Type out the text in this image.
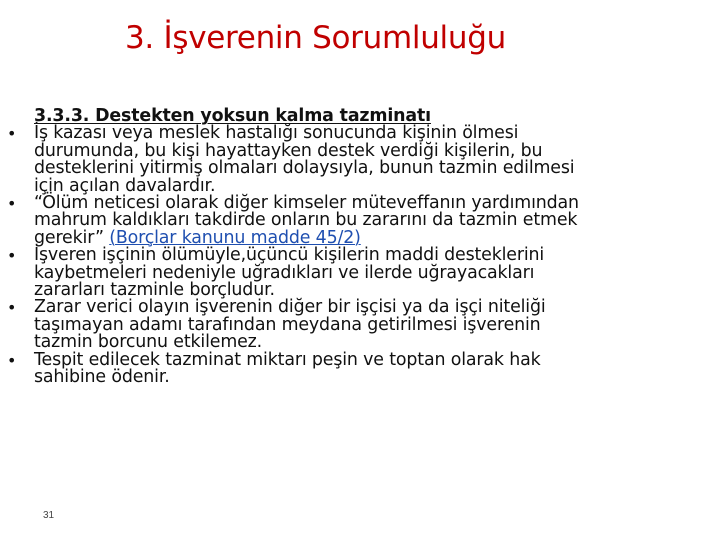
3. İşverenin Sorumluluğu
3.3.3. Destekten yoksun kalma tazminatı
• İş kazası veya meslek hastalığı sonucunda kişinin ölmesi
durumunda, bu kişi hayattayken destek verdiği kişilerin, bu
desteklerini yitirmiş olmaları dolaysıyla, bunun tazmin edilmesi
için açılan davalardır.
• “Ölüm neticesi olarak diğer kimseler müteveffanın yardımından
mahrum kaldıkları takdirde onların bu zararını da tazmin etmek
gerekir” (Borçlar kanunu madde 45/2)
• İşveren işçinin ölümüyle,üçüncü kişilerin maddi desteklerini
kaybetmeleri nedeniyle uğradıkları ve ilerde uğrayacakları
zararları tazminle borçludur.
• Zarar verici olayın işverenin diğer bir işçisi ya da işçi niteliği
taşımayan adamı tarafından meydana getirilmesi işverenin
tazmin borcunu etkilemez.
• Tespit edilecek tazminat miktarı peşin ve toptan olarak hak
sahibine ödenir.
31
